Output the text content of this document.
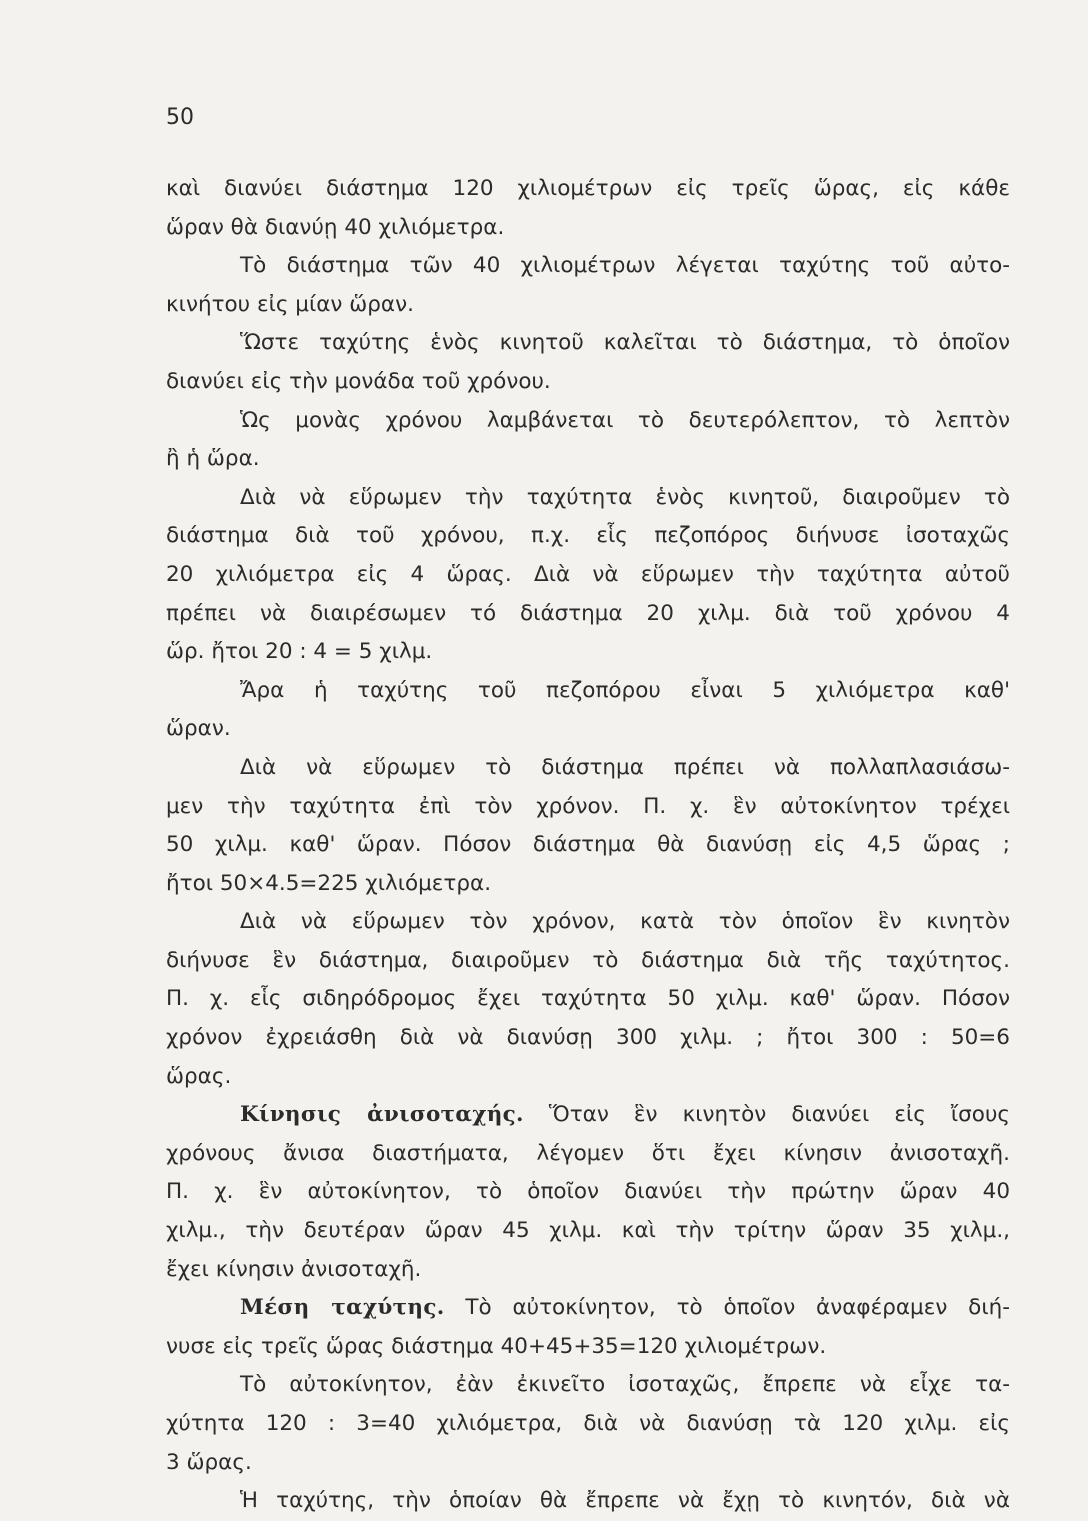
50
καὶ διανύει διάστημα 120 χιλιομέτρων εἰς τρεῖς ὥρας, εἰς κάθε
ὥραν θὰ διανύῃ 40 χιλιόμετρα.
Τὸ διάστημα τῶν 40 χιλιομέτρων λέγεται ταχύτης τοῦ αὐτο-
κινήτου εἰς μίαν ὥραν.
Ὥστε ταχύτης ἑνὸς κινητοῦ καλεῖται τὸ διάστημα, τὸ ὁποῖον
διανύει εἰς τὴν μονάδα τοῦ χρόνου.
Ὡς μονὰς χρόνου λαμβάνεται τὸ δευτερόλεπτον, τὸ λεπτὸν
ἢ ἡ ὥρα.
Διὰ νὰ εὕρωμεν τὴν ταχύτητα ἑνὸς κινητοῦ, διαιροῦμεν τὸ
διάστημα διὰ τοῦ χρόνου, π.χ. εἷς πεζοπόρος διήνυσε ἰσοταχῶς
20 χιλιόμετρα εἰς 4 ὥρας. Διὰ νὰ εὕρωμεν τὴν ταχύτητα αὐτοῦ
πρέπει νὰ διαιρέσωμεν τό διάστημα 20 χιλμ. διὰ τοῦ χρόνου 4
ὥρ. ἤτοι 20 : 4 = 5 χιλμ.
Ἄρα ἡ ταχύτης τοῦ πεζοπόρου εἶναι 5 χιλιόμετρα καθ'
ὥραν.
Διὰ νὰ εὕρωμεν τὸ διάστημα πρέπει νὰ πολλαπλασιάσω-
μεν τὴν ταχύτητα ἐπὶ τὸν χρόνον. Π. χ. ἓν αὐτοκίνητον τρέχει
50 χιλμ. καθ' ὥραν. Πόσον διάστημα θὰ διανύσῃ εἰς 4,5 ὥρας ;
ἤτοι 50×4.5=225 χιλιόμετρα.
Διὰ νὰ εὕρωμεν τὸν χρόνον, κατὰ τὸν ὁποῖον ἓν κινητὸν
διήνυσε ἓν διάστημα, διαιροῦμεν τὸ διάστημα διὰ τῆς ταχύτητος.
Π. χ. εἷς σιδηρόδρομος ἔχει ταχύτητα 50 χιλμ. καθ' ὥραν. Πόσον
χρόνον ἐχρειάσθη διὰ νὰ διανύσῃ 300 χιλμ. ; ἤτοι 300 : 50=6
ὥρας.
Κίνησις ἀνισοταχής. Ὅταν ἓν κινητὸν διανύει εἰς ἴσους
χρόνους ἄνισα διαστήματα, λέγομεν ὅτι ἔχει κίνησιν ἀνισοταχῆ.
Π. χ. ἓν αὐτοκίνητον, τὸ ὁποῖον διανύει τὴν πρώτην ὥραν 40
χιλμ., τὴν δευτέραν ὥραν 45 χιλμ. καὶ τὴν τρίτην ὥραν 35 χιλμ.,
ἔχει κίνησιν ἀνισοταχῆ.
Μέση ταχύτης. Τὸ αὐτοκίνητον, τὸ ὁποῖον ἀναφέραμεν διή-
νυσε εἰς τρεῖς ὥρας διάστημα 40+45+35=120 χιλιομέτρων.
Τὸ αὐτοκίνητον, ἐὰν ἐκινεῖτο ἰσοταχῶς, ἔπρεπε νὰ εἶχε τα-
χύτητα 120 : 3=40 χιλιόμετρα, διὰ νὰ διανύσῃ τὰ 120 χιλμ. εἰς
3 ὥρας.
Ἡ ταχύτης, τὴν ὁποίαν θὰ ἔπρεπε νὰ ἔχῃ τὸ κινητόν, διὰ νὰ
